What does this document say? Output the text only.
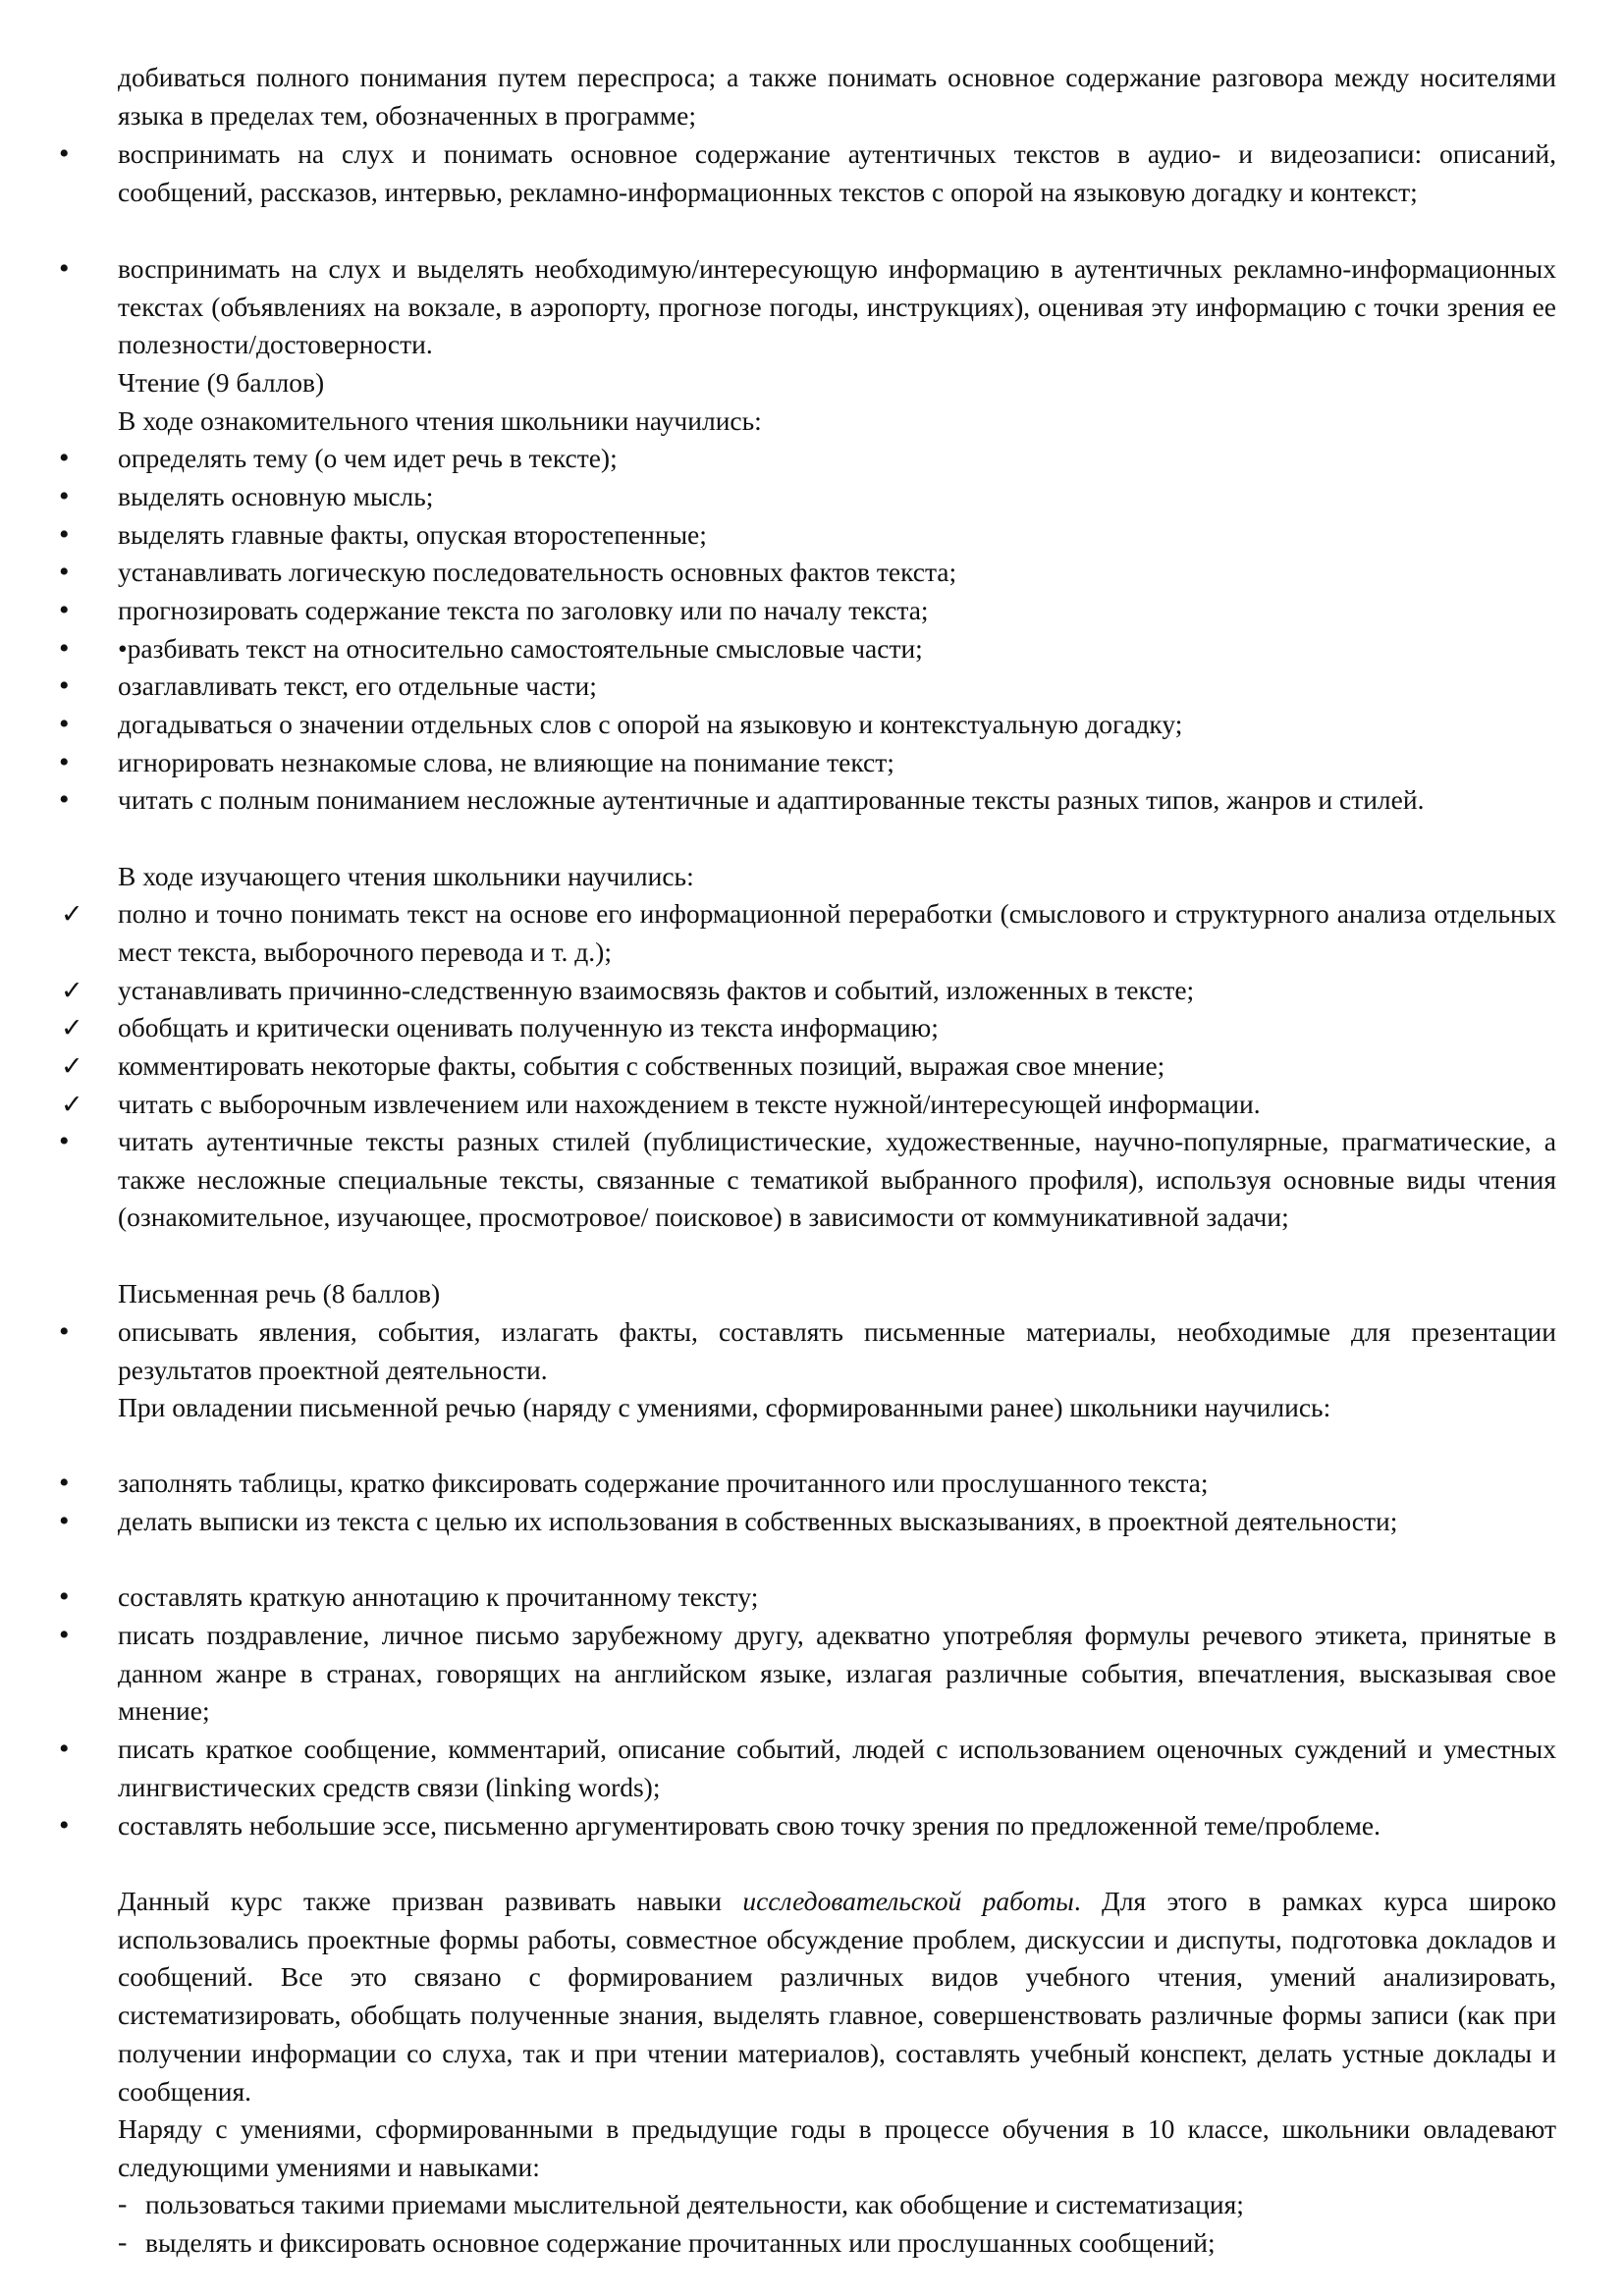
добиваться полного понимания путем переспроса; а также понимать основное содержание разговора между носителями языка в пределах тем, обозначенных в программе;

• воспринимать на слух и понимать основное содержание аутентичных текстов в аудио- и видеозаписи: описаний, сообщений, рассказов, интервью, рекламно-информационных текстов с опорой на языковую догадку и контекст;

• воспринимать на слух и выделять необходимую/интересующую информацию в аутентичных рекламно-информационных текстах (объявлениях на вокзале, в аэропорту, прогнозе погоды, инструкциях), оценивая эту информацию с точки зрения ее полезности/достоверности.

Чтение (9 баллов)

В ходе ознакомительного чтения школьники научились:

• определять тему (о чем идет речь в тексте);

• выделять основную мысль;

• выделять главные факты, опуская второстепенные;

• устанавливать логическую последовательность основных фактов текста;

• прогнозировать содержание текста по заголовку или по началу текста;

• •разбивать текст на относительно самостоятельные смысловые части;

• озаглавливать текст, его отдельные части;

• догадываться о значении отдельных слов с опорой на языковую и контекстуальную догадку;

• игнорировать незнакомые слова, не влияющие на понимание текст;

• читать с полным пониманием несложные аутентичные и адаптированные тексты разных типов, жанров и стилей.

В ходе изучающего чтения школьники научились:

✓ полно и точно понимать текст на основе его информационной переработки (смыслового и структурного анализа отдельных мест текста, выборочного перевода и т. д.);

✓ устанавливать причинно-следственную взаимосвязь фактов и событий, изложенных в тексте;

✓ обобщать и критически оценивать полученную из текста информацию;

✓ комментировать некоторые факты, события с собственных позиций, выражая свое мнение;

✓ читать с выборочным извлечением или нахождением в тексте нужной/интересующей информации.

• читать аутентичные тексты разных стилей (публицистические, художественные, научно-популярные, прагматические, а также несложные специальные тексты, связанные с тематикой выбранного профиля), используя основные виды чтения (ознакомительное, изучающее, просмотровое/ поисковое) в зависимости от коммуникативной задачи;

Письменная речь (8 баллов)

• описывать явления, события, излагать факты, составлять письменные материалы, необходимые для презентации результатов проектной деятельности.

При овладении письменной речью (наряду с умениями, сформированными ранее) школьники научились:

• заполнять таблицы, кратко фиксировать содержание прочитанного или прослушанного текста;

• делать выписки из текста с целью их использования в собственных высказываниях, в проектной деятельности;

• составлять краткую аннотацию к прочитанному тексту;

• писать поздравление, личное письмо зарубежному другу, адекватно употребляя формулы речевого этикета, принятые в данном жанре в странах, говорящих на английском языке, излагая различные события, впечатления, высказывая свое мнение;

• писать краткое сообщение, комментарий, описание событий, людей с использованием оценочных суждений и уместных лингвистических средств связи (linking words);

• составлять небольшие эссе, письменно аргументировать свою точку зрения по предложенной теме/проблеме.

Данный курс также призван развивать навыки исследовательской работы. Для этого в рамках курса широко использовались проектные формы работы, совместное обсуждение проблем, дискуссии и диспуты, подготовка докладов и сообщений. Все это связано с формированием различных видов учебного чтения, умений анализировать, систематизировать, обобщать полученные знания, выделять главное, совершенствовать различные формы записи (как при получении информации со слуха, так и при чтении материалов), составлять учебный конспект, делать устные доклады и сообщения.

Наряду с умениями, сформированными в предыдущие годы в процессе обучения в 10 классе, школьники овладевают следующими умениями и навыками:

- пользоваться такими приемами мыслительной деятельности, как обобщение и систематизация;

- выделять и фиксировать основное содержание прочитанных или прослушанных сообщений;
